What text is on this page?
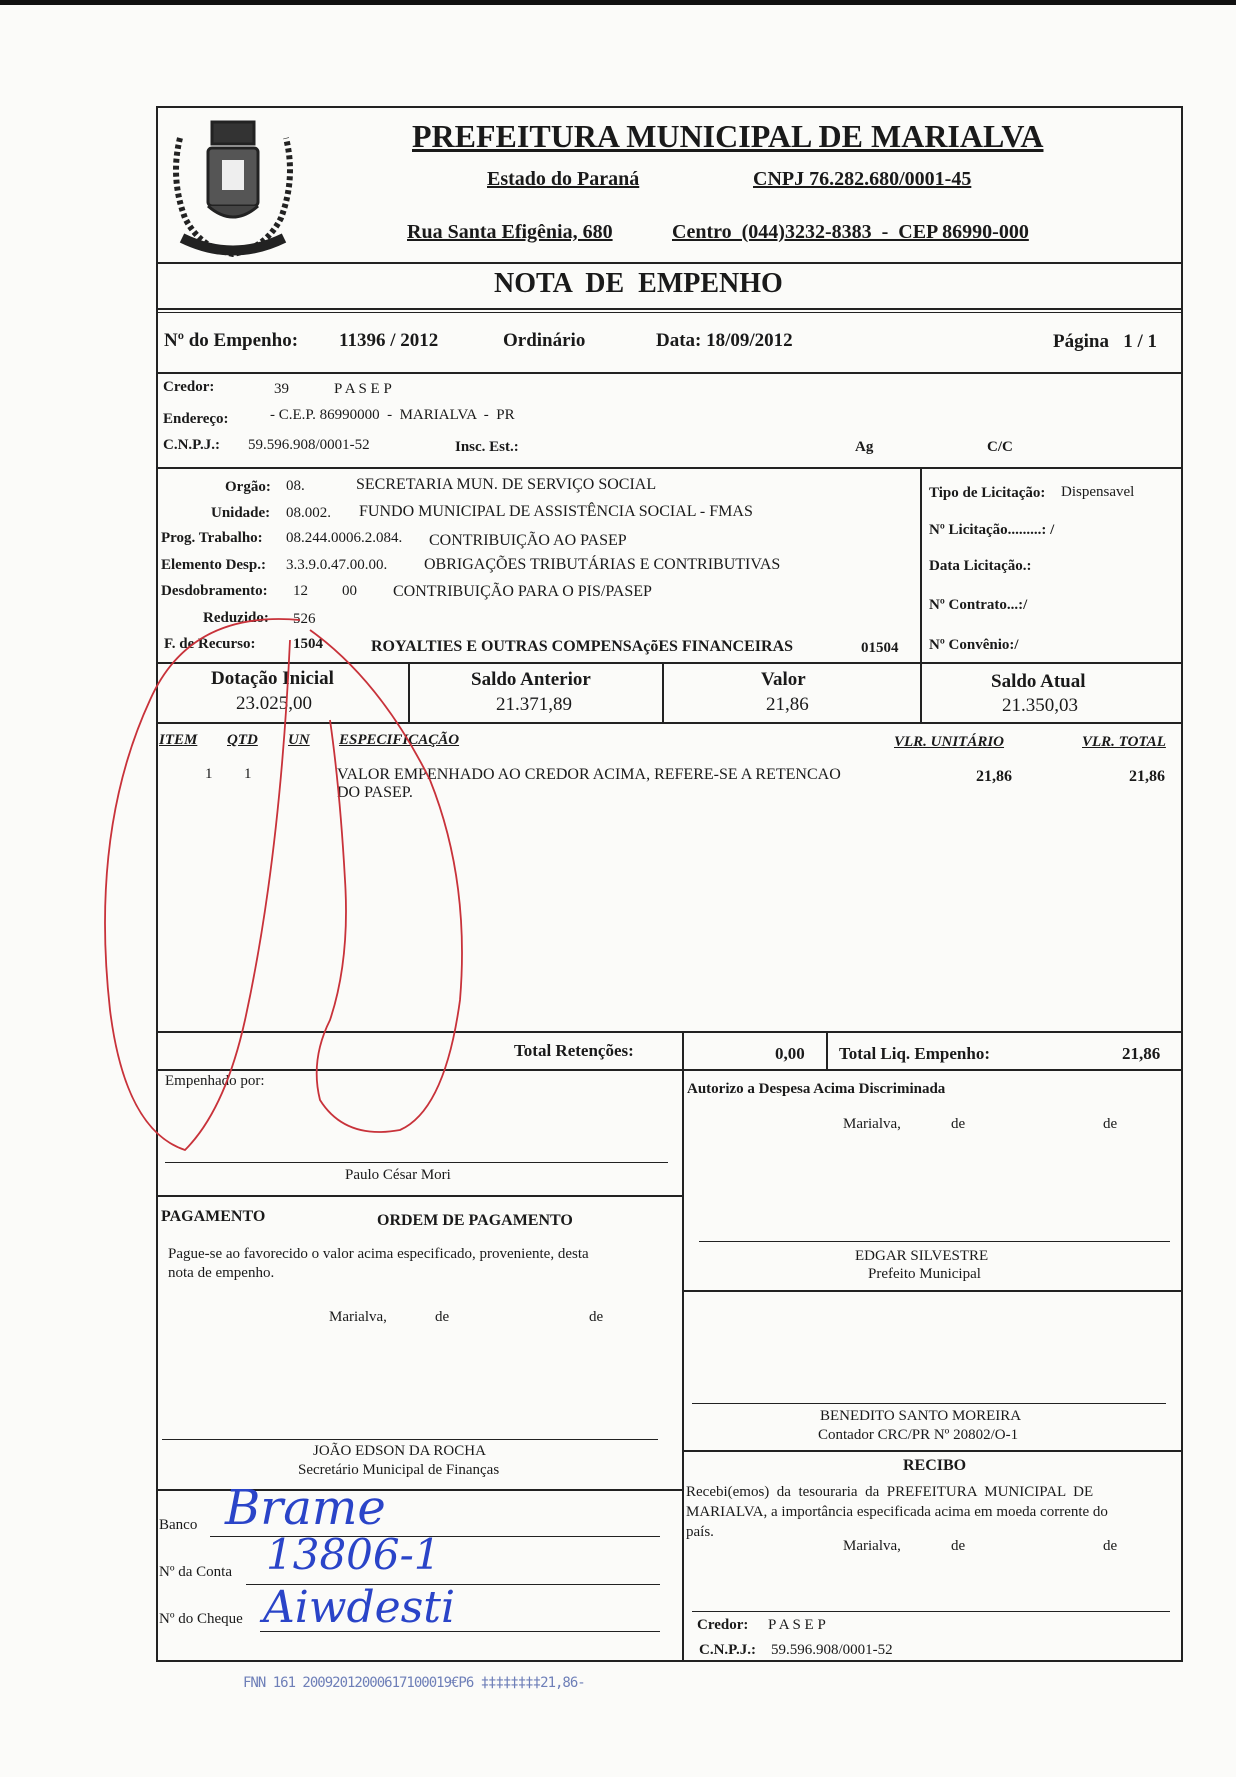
PREFEITURA MUNICIPAL DE MARIALVA
Estado do Paraná	CNPJ 76.282.680/0001-45
Rua Santa Efigênia, 680	Centro  (044)3232-8383  -  CEP 86990-000
NOTA  DE  EMPENHO
Nº do Empenho: 11396 / 2012	Ordinário	Data: 18/09/2012	Página   1 / 1
Credor:	39	P A S E P
Endereço:	- C.E.P. 86990000  -  MARIALVA  -  PR
C.N.P.J.: 59.596.908/0001-52	Insc. Est.:	Ag	C/C
Orgão: 08.	SECRETARIA MUN. DE SERVIÇO SOCIAL
Unidade: 08.002. FUNDO MUNICIPAL DE ASSISTÊNCIA SOCIAL - FMAS
Prog. Trabalho: 08.244.0006.2.084. CONTRIBUIÇÃO AO PASEP
Elemento Desp.: 3.3.9.0.47.00.00. OBRIGAÇÕES TRIBUTÁRIAS E CONTRIBUTIVAS
Desdobramento: 12 00 CONTRIBUIÇÃO PARA O PIS/PASEP
Reduzido: 526
F. de Recurso: 1504	ROYALTIES E OUTRAS COMPENSAçõES FINANCEIRAS	01504
Tipo de Licitação: Dispensavel
Nº Licitação.........: /
Data Licitação.:
Nº Contrato...:/
Nº Convênio:/
Dotação Inicial
23.025,00
Saldo Anterior
21.371,89
Valor
21,86
Saldo Atual
21.350,03
ITEM QTD UN ESPECIFICAÇÃO	VLR. UNITÁRIO	VLR. TOTAL
1 1	VALOR EMPENHADO AO CREDOR ACIMA, REFERE-SE A RETENCAO
DO PASEP.
21,86	21,86
Total Retenções:	0,00 Total Liq. Empenho:	21,86
Empenhado por:
Paulo César Mori
PAGAMENTO	ORDEM DE PAGAMENTO
Pague-se ao favorecido o valor acima especificado, proveniente, desta
nota de empenho.
Marialva,	de	de
JOÃO EDSON DA ROCHA
Secretário Municipal de Finanças
Banco Brame
Nº da Conta 13806-1
Nº do Cheque Aiwdesti
Autorizo a Despesa Acima Discriminada
Marialva,	de	de
EDGAR SILVESTRE
Prefeito Municipal
BENEDITO SANTO MOREIRA
Contador CRC/PR Nº 20802/O-1
RECIBO
Recebi(emos)  da  tesouraria  da  PREFEITURA  MUNICIPAL  DE
MARIALVA, a importância especificada acima em moeda corrente do
país.
Marialva,	de	de
Credor: P A S E P
C.N.P.J.: 59.596.908/0001-52
FNN 161 20092012000617100019€P6 ‡‡‡‡‡‡‡‡21,86-
